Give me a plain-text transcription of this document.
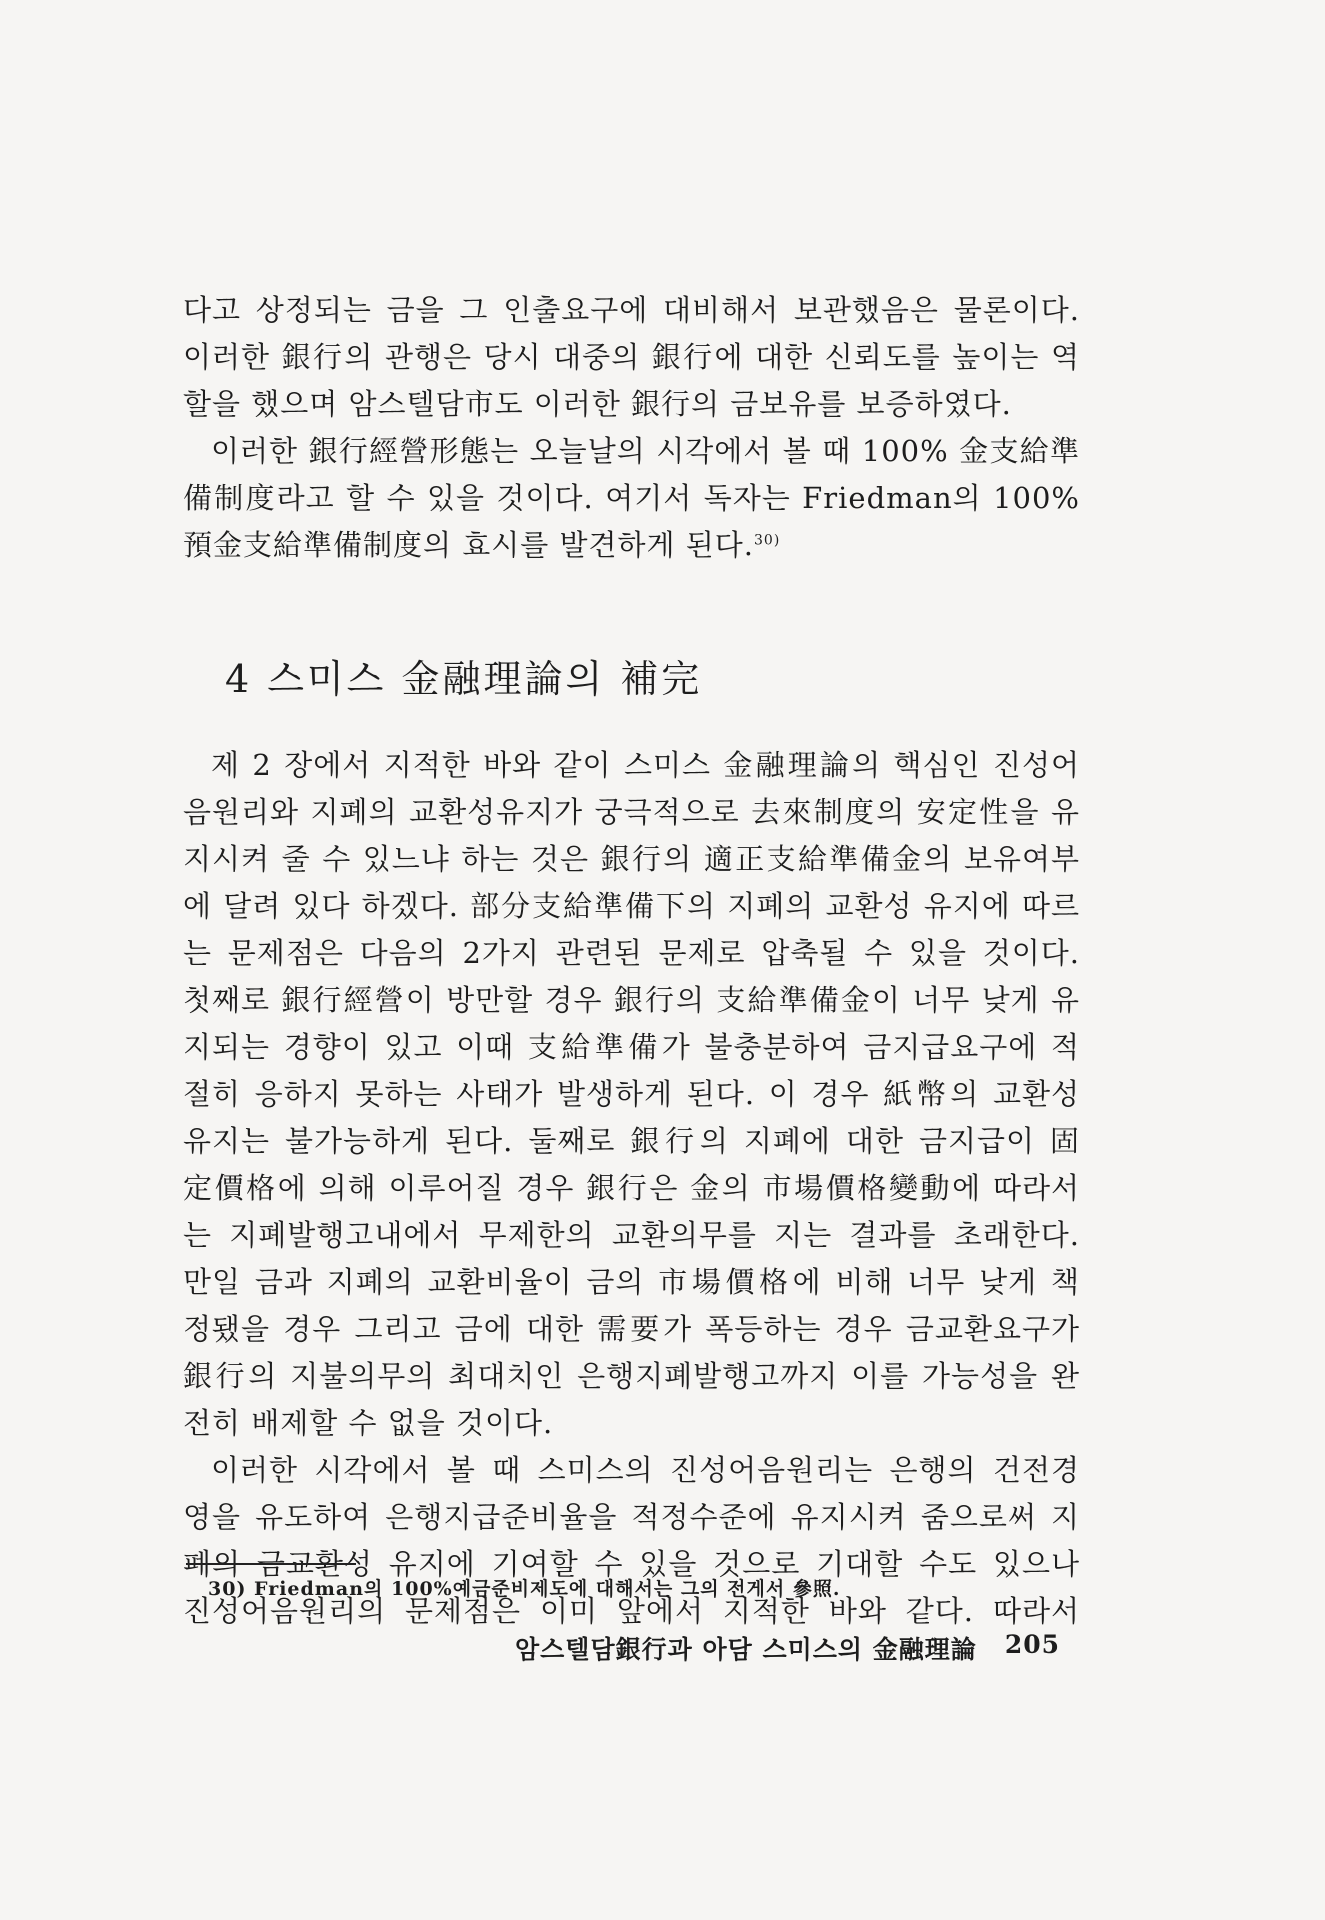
다고 상정되는 금을 그 인출요구에 대비해서 보관했음은 물론이다.

이러한 銀行의 관행은 당시 대중의 銀行에 대한 신뢰도를 높이는 역

할을 했으며 암스텔담市도 이러한 銀行의 금보유를 보증하였다.

이러한 銀行經營形態는 오늘날의 시각에서 볼 때 100% 金支給準

備制度라고 할 수 있을 것이다. 여기서 독자는 Friedman의 100%

預金支給準備制度의 효시를 발견하게 된다.$^{30)}$

4 스미스 金融理論의 補完

제 2 장에서 지적한 바와 같이 스미스 金融理論의 핵심인 진성어

음원리와 지폐의 교환성유지가 궁극적으로 去來制度의 安定性을 유

지시켜 줄 수 있느냐 하는 것은 銀行의 適正支給準備金의 보유여부

에 달려 있다 하겠다. 部分支給準備下의 지폐의 교환성 유지에 따르

는 문제점은 다음의 2가지 관련된 문제로 압축될 수 있을 것이다.

첫째로 銀行經營이 방만할 경우 銀行의 支給準備金이 너무 낮게 유

지되는 경향이 있고 이때 支給準備가 불충분하여 금지급요구에 적

절히 응하지 못하는 사태가 발생하게 된다. 이 경우 紙幣의 교환성

유지는 불가능하게 된다. 둘째로 銀行의 지폐에 대한 금지급이 固

定價格에 의해 이루어질 경우 銀行은 金의 市場價格變動에 따라서

는 지폐발행고내에서 무제한의 교환의무를 지는 결과를 초래한다.

만일 금과 지폐의 교환비율이 금의 市場價格에 비해 너무 낮게 책

정됐을 경우 그리고 금에 대한 需要가 폭등하는 경우 금교환요구가

銀行의 지불의무의 최대치인 은행지폐발행고까지 이를 가능성을 완

전히 배제할 수 없을 것이다.

이러한 시각에서 볼 때 스미스의 진성어음원리는 은행의 건전경

영을 유도하여 은행지급준비율을 적정수준에 유지시켜 줌으로써 지

폐의 금교환성 유지에 기여할 수 있을 것으로 기대할 수도 있으나

진성어음원리의 문제점은 이미 앞에서 지적한 바와 같다. 따라서

30) Friedman의 100%예금준비제도에 대해서는 그의 전게서 參照.
암스텔담銀行과 아담 스미스의 金融理論 205
